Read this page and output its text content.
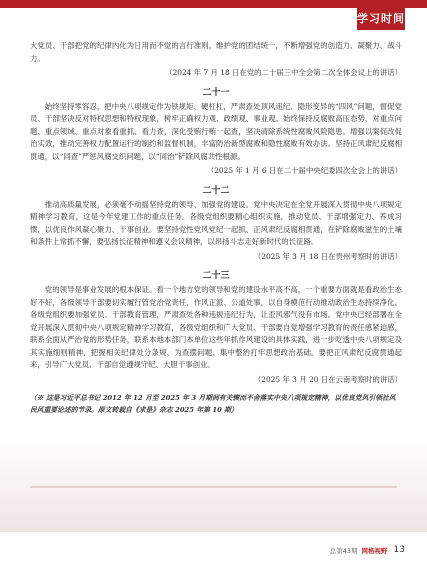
学习时间

大党员、干部把党的纪律内化为日用而不觉的言行准则，维护党的团结统一，不断增强党的创造力、凝聚力、战斗力。

（2024 年 7 月 18 日在党的二十届三中全会第二次全体会议上的讲话）

二十一

始终坚持零容忍，把中央八项规定作为铁规矩、硬杠杠，严肃查处顶风违纪、隐形变异的“四风”问题，督促党员、干部坚决反对特权思想和特权现象，树牢正确权力观、政绩观、事业观。始终保持反腐败高压态势，对重点问题、重点领域、重点对象看重抓、看力查，深化受贿行贿一起查，坚决清除系统性腐败风险隐患。增强以案促改促治实效，推动完善权力配置运行的制约和监督机制，丰富防治新型腐败和隐性腐败有效办法。坚持正风肃纪反腐相贯通，以“同查”严惩风腐交织问题，以“同治”铲除风腐共性根源。

（2025 年 1 月 6 日在二十届中央纪委四次全会上的讲话）

二十二

推动高质量发展，必须毫不动摇坚持党的领导、加强党的建设。党中央决定在全党开展深入贯彻中央八项规定精神学习教育，这是今年党建工作的重点任务。各级党组织要精心组织实施，推动党员、干部增强定力、养成习惯，以优良作风凝心聚力、干事创业。要坚持党性党风党纪一起抓、正风肃纪反腐相贯通，在铲除腐败滋生的土壤和条件上常抓不懈，要弘扬长征精神和遵义会议精神，以昂扬斗志走好新时代的长征路。

（2025 年 3 月 18 日在贵州考察时的讲话）

二十三

党的领导是事业发展的根本保证。看一个地方党的领导和党的建设水平高不高，一个重要方面就是看政治生态好不好，各级领导干部要切实履行管党治党责任，作风正派、公道处事，以自身模范行动推动政治生态持续净化。各级党组织要加强党员、干部教育管理，严肃查处各种违规违纪行为，让歪风邪气没有市场。党中央已经部署在全党开展深入贯彻中央八项规定精神学习教育，各级党组织和广大党员、干部要自觉增强学习教育的责任感紧迫感，联系全面从严治党的形势任务，联系本地本部门本单位这些年抓作风建设的具体实践，进一步吃透中央八项规定及其实施细则精神，把握相关纪律处分条规，为查摆问题、集中整治打牢思想政治基础。要把正风肃纪反腐贯通起来，引导广大党员、干部自觉遵规守纪、大胆干事创业。

（2025 年 3 月 20 日在云南考察时的讲话）

（※ 这是习近平总书记 2012 年 12 月至 2025 年 3 月期间有关锲而不舍落实中央八项规定精神，以优良党风引领社风民风重要论述的节录。原文转载自《求是》杂志 2025 年第 10 期）

总第43期 网格视野 13
